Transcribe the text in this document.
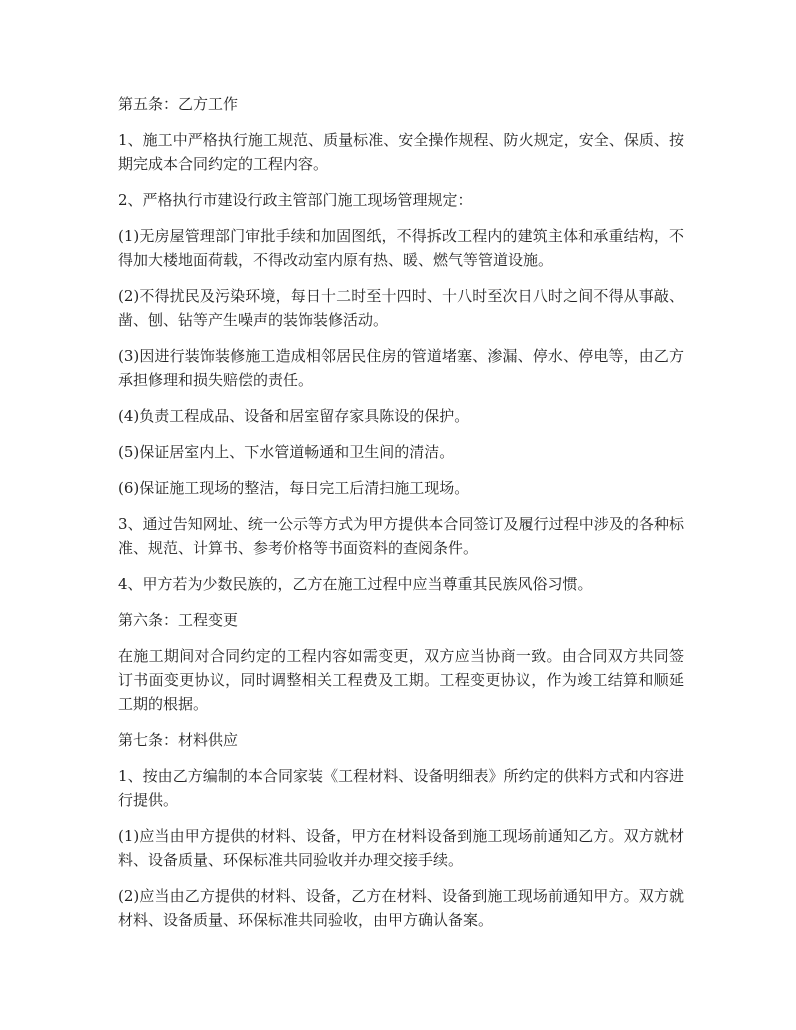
第五条：乙方工作

1、施工中严格执行施工规范、质量标准、安全操作规程、防火规定，安全、保质、按期完成本合同约定的工程内容。

2、严格执行市建设行政主管部门施工现场管理规定：

(1)无房屋管理部门审批手续和加固图纸，不得拆改工程内的建筑主体和承重结构，不得加大楼地面荷载，不得改动室内原有热、暖、燃气等管道设施。

(2)不得扰民及污染环境，每日十二时至十四时、十八时至次日八时之间不得从事敲、凿、刨、钻等产生噪声的装饰装修活动。

(3)因进行装饰装修施工造成相邻居民住房的管道堵塞、渗漏、停水、停电等，由乙方承担修理和损失赔偿的责任。

(4)负责工程成品、设备和居室留存家具陈设的保护。

(5)保证居室内上、下水管道畅通和卫生间的清洁。

(6)保证施工现场的整洁，每日完工后清扫施工现场。

3、通过告知网址、统一公示等方式为甲方提供本合同签订及履行过程中涉及的各种标准、规范、计算书、参考价格等书面资料的查阅条件。

4、甲方若为少数民族的，乙方在施工过程中应当尊重其民族风俗习惯。

第六条：工程变更

在施工期间对合同约定的工程内容如需变更，双方应当协商一致。由合同双方共同签订书面变更协议，同时调整相关工程费及工期。工程变更协议，作为竣工结算和顺延工期的根据。

第七条：材料供应

1、按由乙方编制的本合同家装《工程材料、设备明细表》所约定的供料方式和内容进行提供。

(1)应当由甲方提供的材料、设备，甲方在材料设备到施工现场前通知乙方。双方就材料、设备质量、环保标准共同验收并办理交接手续。

(2)应当由乙方提供的材料、设备，乙方在材料、设备到施工现场前通知甲方。双方就材料、设备质量、环保标准共同验收，由甲方确认备案。
